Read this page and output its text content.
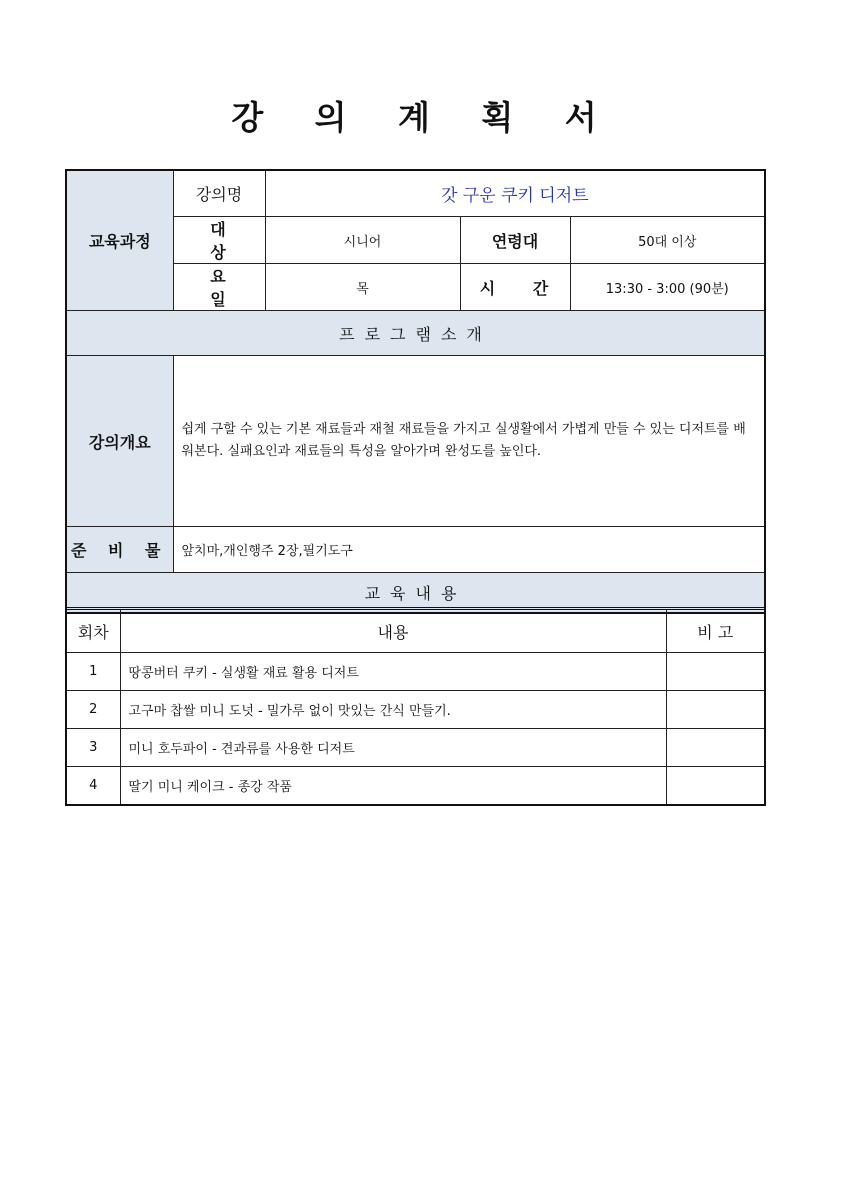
강 의 계 획 서
교육과정	강의명	갓 구운 쿠키 디저트		
	대 상	시니어	연령대	50대 이상
	요 일	목	시 간	13:30 - 3:00 (90분)
프로그램소개				
강의개요	쉽게 구할 수 있는 기본 재료들과 재철 재료들을 가지고 실생활에서 가볍게 만들 수 있는 디저트를 배워본다. 실패요인과 재료들의 특성을 알아가며 완성도를 높인다.			
준 비 물	앞치마,개인행주 2장,필기도구			
교육내용				
회차	내용	비 고
1	땅콩버터 쿠키 - 실생활 재료 활용 디저트	
2	고구마 찹쌀 미니 도넛 - 밀가루 없이 맛있는 간식 만들기.	
3	미니 호두파이 - 견과류를 사용한 디저트	
4	딸기 미니 케이크 - 종강 작품	
